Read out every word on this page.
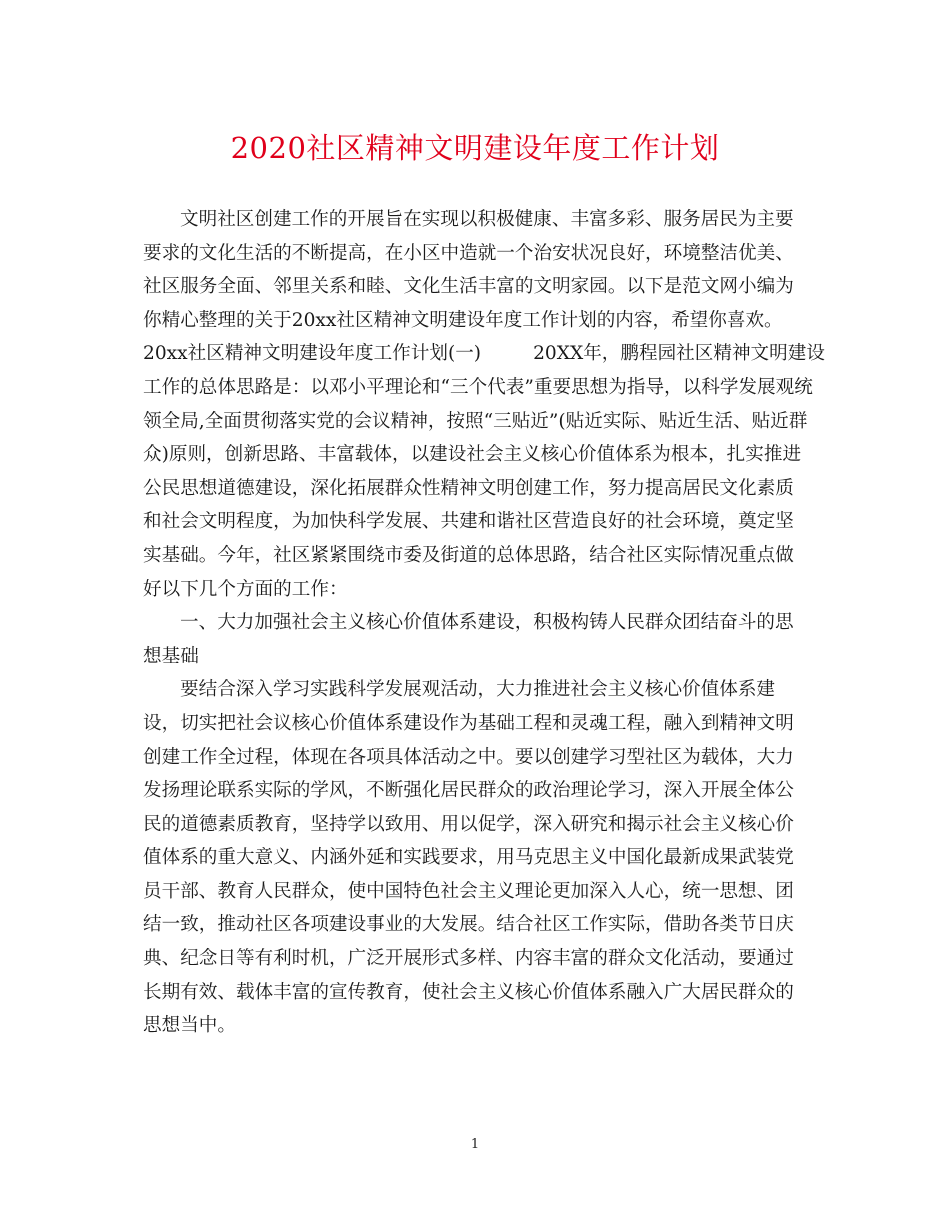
2020社区精神文明建设年度工作计划

文明社区创建工作的开展旨在实现以积极健康、丰富多彩、服务居民为主要
要求的文化生活的不断提高，在小区中造就一个治安状况良好，环境整洁优美、
社区服务全面、邻里关系和睦、文化生活丰富的文明家园。以下是范文网小编为
你精心整理的关于20xx社区精神文明建设年度工作计划的内容，希望你喜欢。

20xx社区精神文明建设年度工作计划(一)	20XX年，鹏程园社区精神文明建设
工作的总体思路是：以邓小平理论和“三个代表”重要思想为指导，以科学发展观统
领全局,全面贯彻落实党的会议精神，按照“三贴近”(贴近实际、贴近生活、贴近群
众)原则，创新思路、丰富载体，以建设社会主义核心价值体系为根本，扎实推进
公民思想道德建设，深化拓展群众性精神文明创建工作，努力提高居民文化素质
和社会文明程度，为加快科学发展、共建和谐社区营造良好的社会环境，奠定坚
实基础。今年，社区紧紧围绕市委及街道的总体思路，结合社区实际情况重点做
好以下几个方面的工作：

一、大力加强社会主义核心价值体系建设，积极构铸人民群众团结奋斗的思
想基础

要结合深入学习实践科学发展观活动，大力推进社会主义核心价值体系建
设，切实把社会议核心价值体系建设作为基础工程和灵魂工程，融入到精神文明
创建工作全过程，体现在各项具体活动之中。要以创建学习型社区为载体，大力
发扬理论联系实际的学风，不断强化居民群众的政治理论学习，深入开展全体公
民的道德素质教育，坚持学以致用、用以促学，深入研究和揭示社会主义核心价
值体系的重大意义、内涵外延和实践要求，用马克思主义中国化最新成果武装党
员干部、教育人民群众，使中国特色社会主义理论更加深入人心，统一思想、团
结一致，推动社区各项建设事业的大发展。结合社区工作实际，借助各类节日庆
典、纪念日等有利时机，广泛开展形式多样、内容丰富的群众文化活动，要通过
长期有效、载体丰富的宣传教育，使社会主义核心价值体系融入广大居民群众的
思想当中。

1
